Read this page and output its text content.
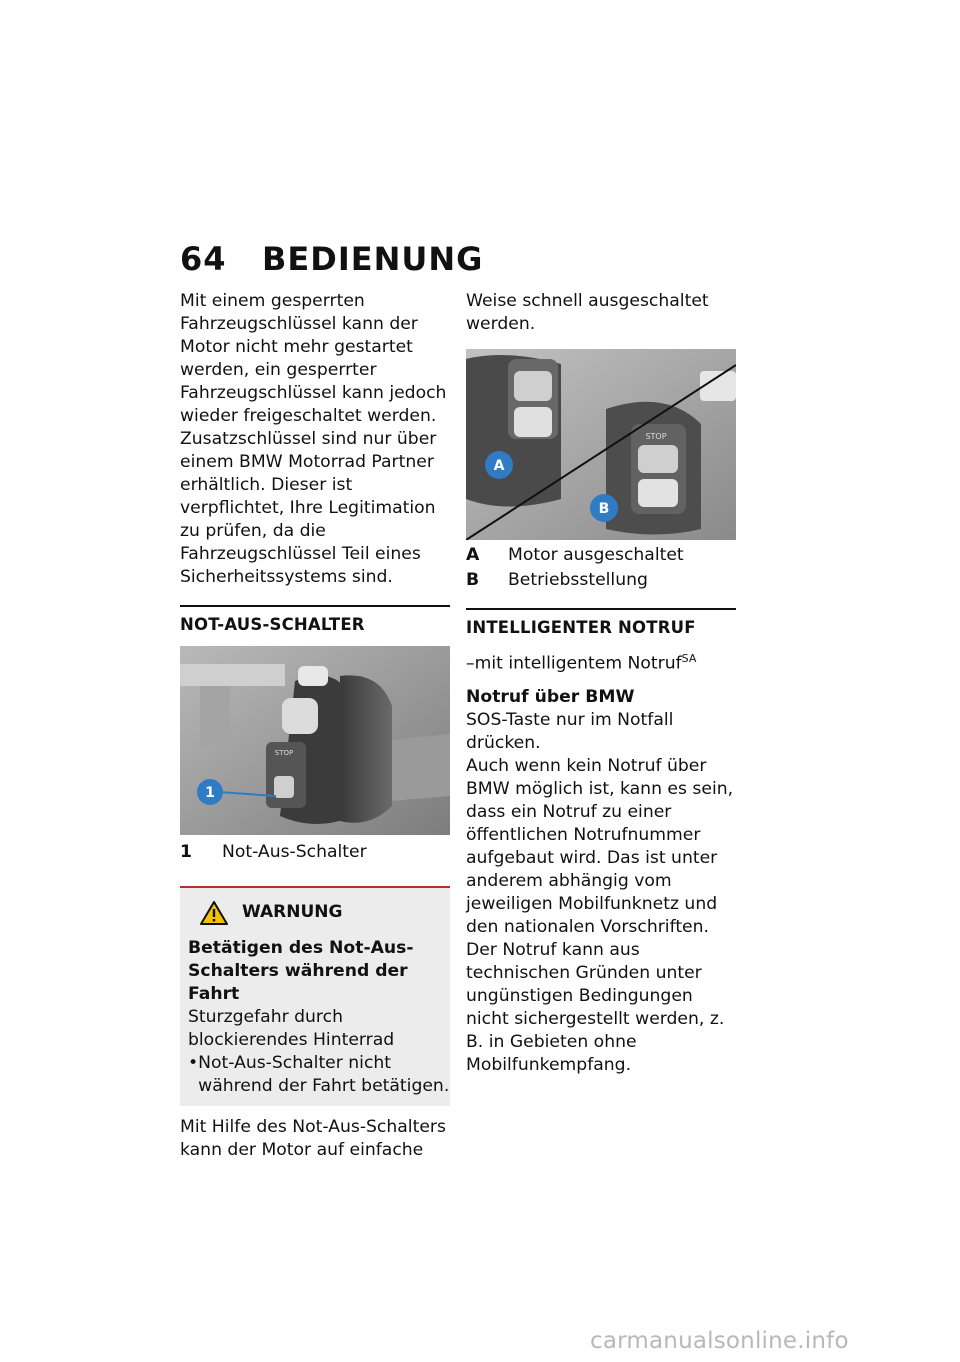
64 BEDIENUNG

Mit einem gesperrten Fahrzeugschlüssel kann der Motor nicht mehr gestartet werden, ein gesperrter Fahrzeugschlüssel kann jedoch wieder freigeschaltet werden.

Zusatzschlüssel sind nur über einem BMW Motorrad Partner erhältlich. Dieser ist verpflichtet, Ihre Legitimation zu prüfen, da die Fahrzeugschlüssel Teil eines Sicherheitssystems sind.

NOT-AUS-SCHALTER
STOP
1
1	Not-Aus-Schalter
WARNUNG

Betätigen des Not-Aus-Schalters während der Fahrt

Sturzgefahr durch blockierendes Hinterrad

• Not-Aus-Schalter nicht während der Fahrt betätigen.

Mit Hilfe des Not-Aus-Schalters kann der Motor auf einfache

Weise schnell ausgeschaltet werden.

STOP
A
B
A	Motor ausgeschaltet
B	Betriebsstellung
INTELLIGENTER NOTRUF

–mit intelligentem Notruf$^{SA}$

Notruf über BMW

SOS-Taste nur im Notfall drücken.

Auch wenn kein Notruf über BMW möglich ist, kann es sein, dass ein Notruf zu einer öffentlichen Notrufnummer aufgebaut wird. Das ist unter anderem abhängig vom jeweiligen Mobilfunknetz und den nationalen Vorschriften.

Der Notruf kann aus technischen Gründen unter ungünstigen Bedingungen nicht sichergestellt werden, z. B. in Gebieten ohne Mobilfunkempfang.

carmanualsonline.info
